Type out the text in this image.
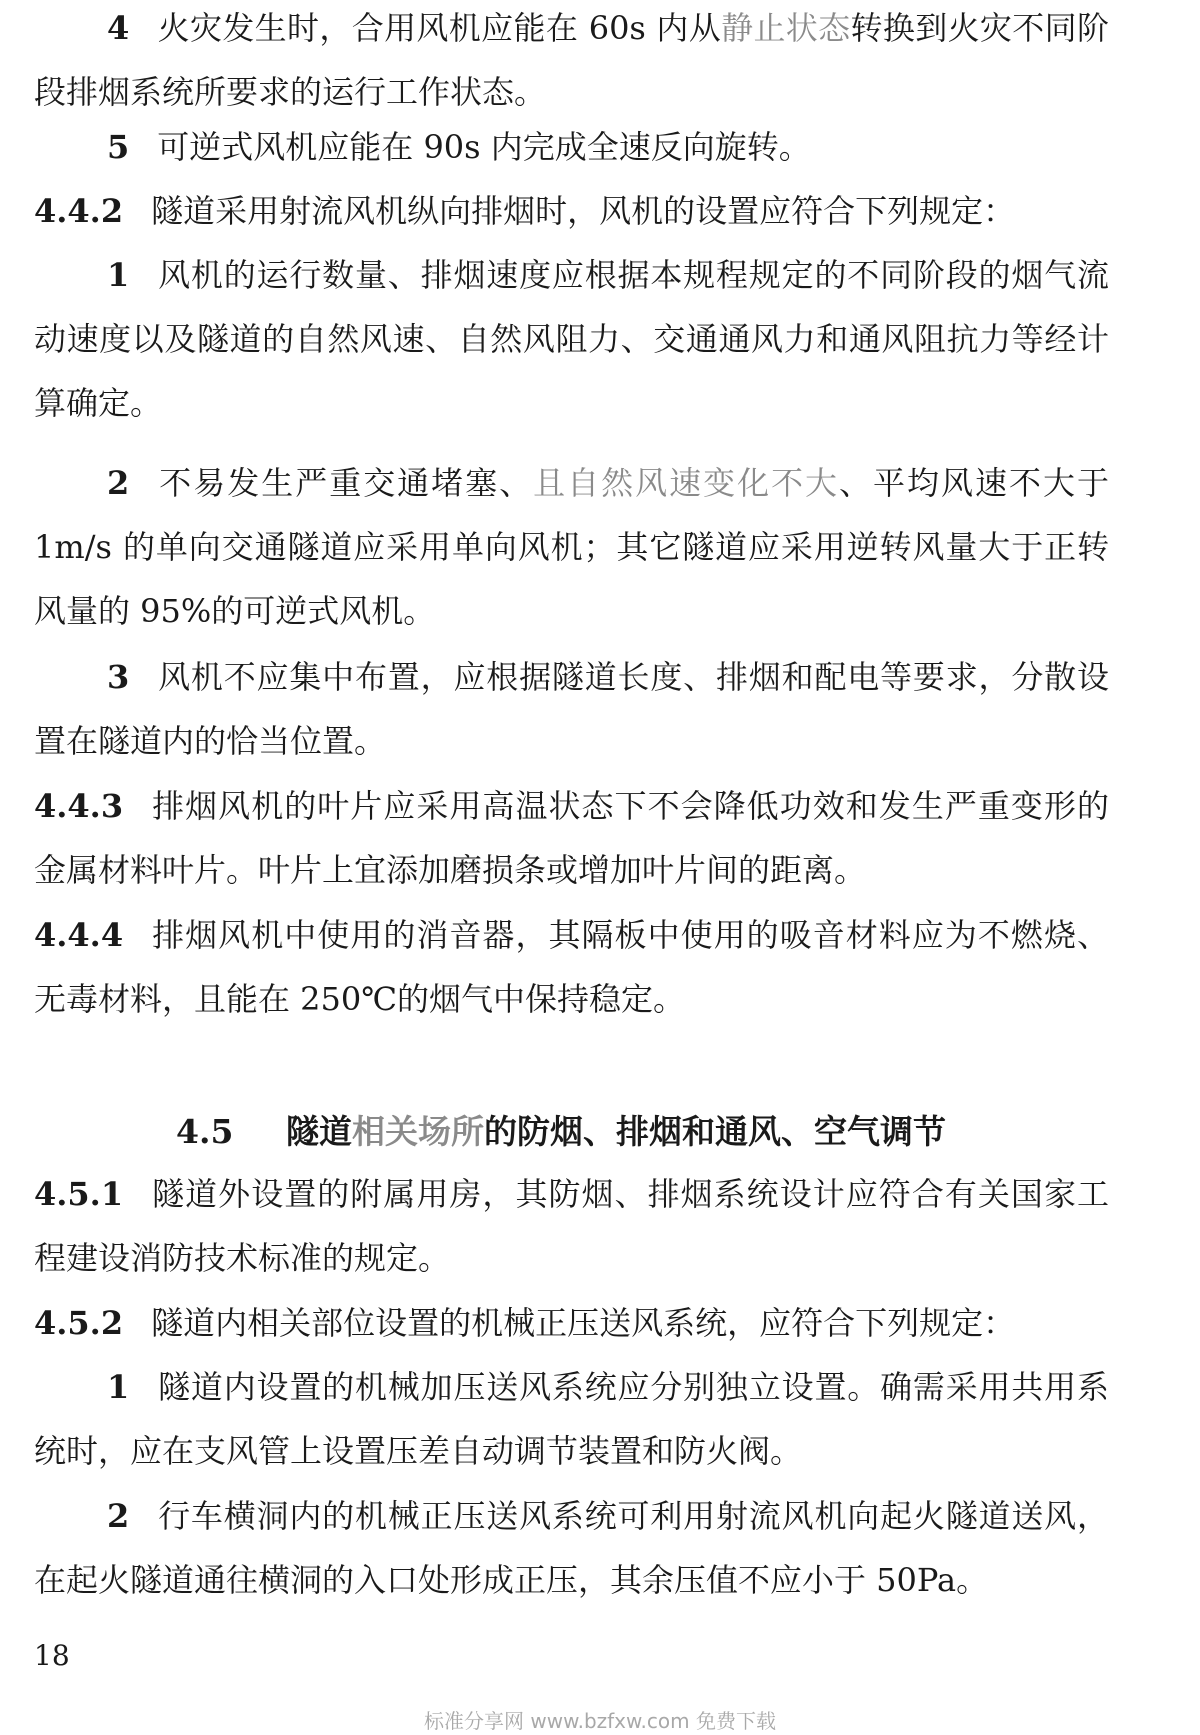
4 火灾发生时，合用风机应能在 60s 内从静止状态转换到火灾不同阶段排烟系统所要求的运行工作状态。

5 可逆式风机应能在 90s 内完成全速反向旋转。

4.4.2 隧道采用射流风机纵向排烟时，风机的设置应符合下列规定：

1 风机的运行数量、排烟速度应根据本规程规定的不同阶段的烟气流动速度以及隧道的自然风速、自然风阻力、交通通风力和通风阻抗力等经计算确定。

2 不易发生严重交通堵塞、且自然风速变化不大、平均风速不大于 1m/s 的单向交通隧道应采用单向风机；其它隧道应采用逆转风量大于正转风量的 95%的可逆式风机。

3 风机不应集中布置，应根据隧道长度、排烟和配电等要求，分散设置在隧道内的恰当位置。

4.4.3 排烟风机的叶片应采用高温状态下不会降低功效和发生严重变形的金属材料叶片。叶片上宜添加磨损条或增加叶片间的距离。

4.4.4 排烟风机中使用的消音器，其隔板中使用的吸音材料应为不燃烧、无毒材料，且能在 250℃的烟气中保持稳定。

4.5 隧道相关场所的防烟、排烟和通风、空气调节

4.5.1 隧道外设置的附属用房，其防烟、排烟系统设计应符合有关国家工程建设消防技术标准的规定。

4.5.2 隧道内相关部位设置的机械正压送风系统，应符合下列规定：

1 隧道内设置的机械加压送风系统应分别独立设置。确需采用共用系统时，应在支风管上设置压差自动调节装置和防火阀。

2 行车横洞内的机械正压送风系统可利用射流风机向起火隧道送风，在起火隧道通往横洞的入口处形成正压，其余压值不应小于 50Pa。

18
标准分享网 www.bzfxw.com 免费下载
